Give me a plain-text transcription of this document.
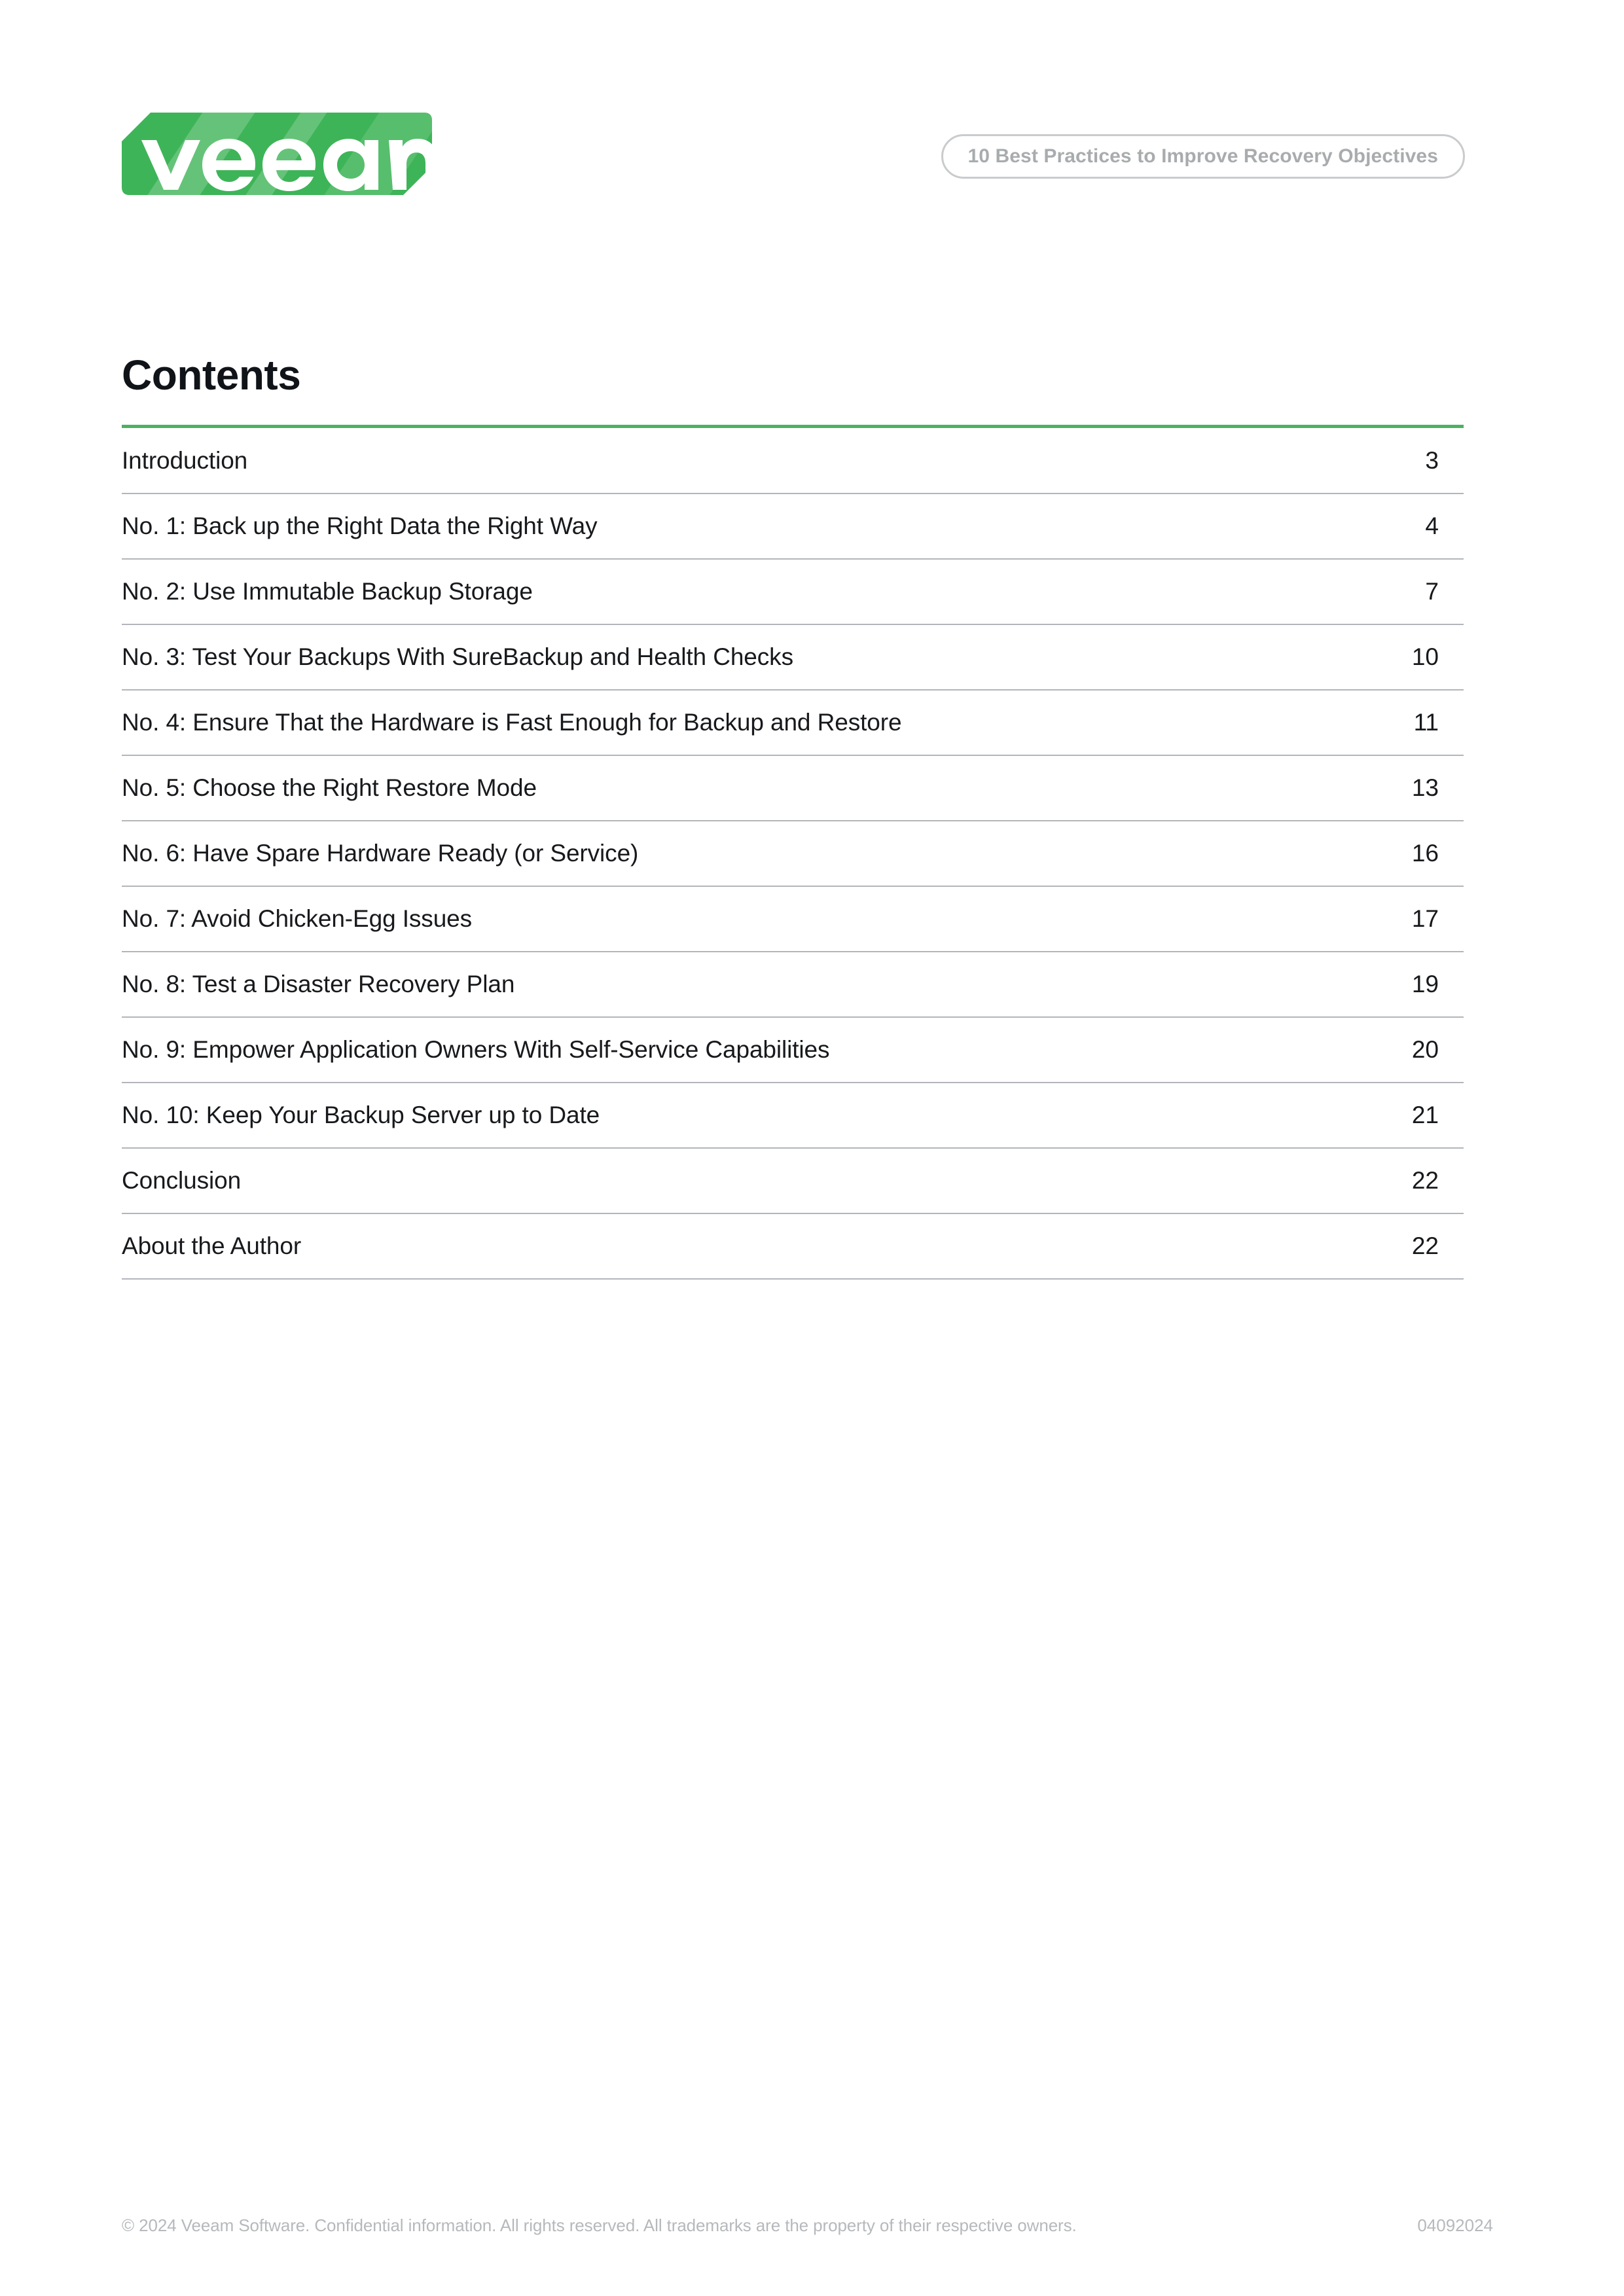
10 Best Practices to Improve Recovery Objectives
Contents
Introduction	3
No. 1: Back up the Right Data the Right Way	4
No. 2: Use Immutable Backup Storage	7
No. 3: Test Your Backups With SureBackup and Health Checks	10
No. 4: Ensure That the Hardware is Fast Enough for Backup and Restore	11
No. 5: Choose the Right Restore Mode	13
No. 6: Have Spare Hardware Ready (or Service)	16
No. 7: Avoid Chicken-Egg Issues	17
No. 8: Test a Disaster Recovery Plan	19
No. 9: Empower Application Owners With Self-Service Capabilities	20
No. 10: Keep Your Backup Server up to Date	21
Conclusion	22
About the Author	22
© 2024 Veeam Software. Confidential information. All rights reserved. All trademarks are the property of their respective owners.	04092024
